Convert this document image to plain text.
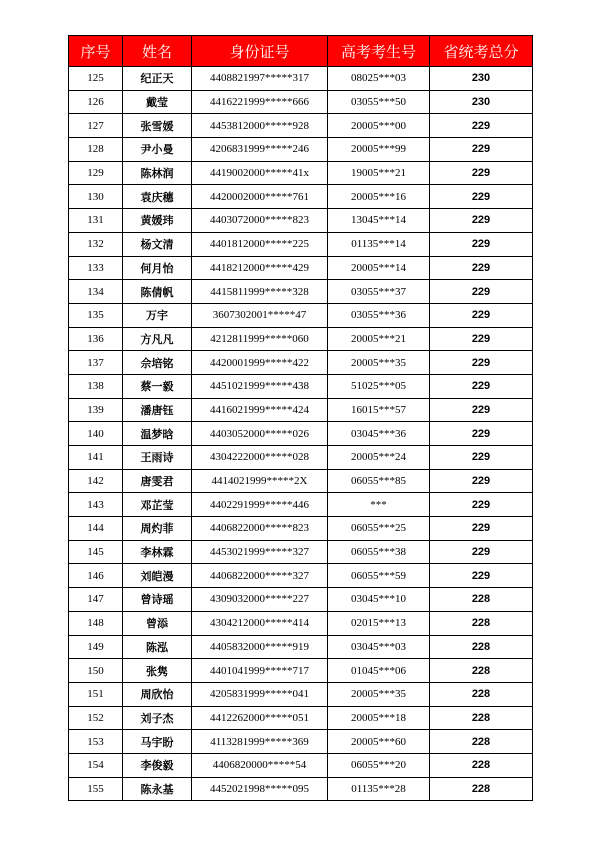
序号	姓名	身份证号	高考考生号	省统考总分
125	纪正天	4408821997*****317	08025***03	230
126	戴莹	4416221999*****666	03055***50	230
127	张雪媛	4453812000*****928	20005***00	229
128	尹小曼	4206831999*****246	20005***99	229
129	陈林润	4419002000*****41x	19005***21	229
130	袁庆穗	4420002000*****761	20005***16	229
131	黄媛玮	4403072000*****823	13045***14	229
132	杨文清	4401812000*****225	01135***14	229
133	何月怡	4418212000*****429	20005***14	229
134	陈倩帆	4415811999*****328	03055***37	229
135	万宇	3607302001*****47	03055***36	229
136	方凡凡	4212811999*****060	20005***21	229
137	佘培铭	4420001999*****422	20005***35	229
138	蔡一毅	4451021999*****438	51025***05	229
139	潘唐钰	4416021999*****424	16015***57	229
140	温梦晗	4403052000*****026	03045***36	229
141	王雨诗	4304222000*****028	20005***24	229
142	唐雯君	4414021999*****2X	06055***85	229
143	邓芷莹	4402291999*****446	***	229
144	周灼菲	4406822000*****823	06055***25	229
145	李林霖	4453021999*****327	06055***38	229
146	刘皑漫	4406822000*****327	06055***59	229
147	曾诗瑶	4309032000*****227	03045***10	228
148	曾添	4304212000*****414	02015***13	228
149	陈泓	4405832000*****919	03045***03	228
150	张隽	4401041999*****717	01045***06	228
151	周欣怡	4205831999*****041	20005***35	228
152	刘子杰	4412262000*****051	20005***18	228
153	马宇盼	4113281999*****369	20005***60	228
154	李俊毅	4406820000*****54	06055***20	228
155	陈永基	4452021998*****095	01135***28	228
